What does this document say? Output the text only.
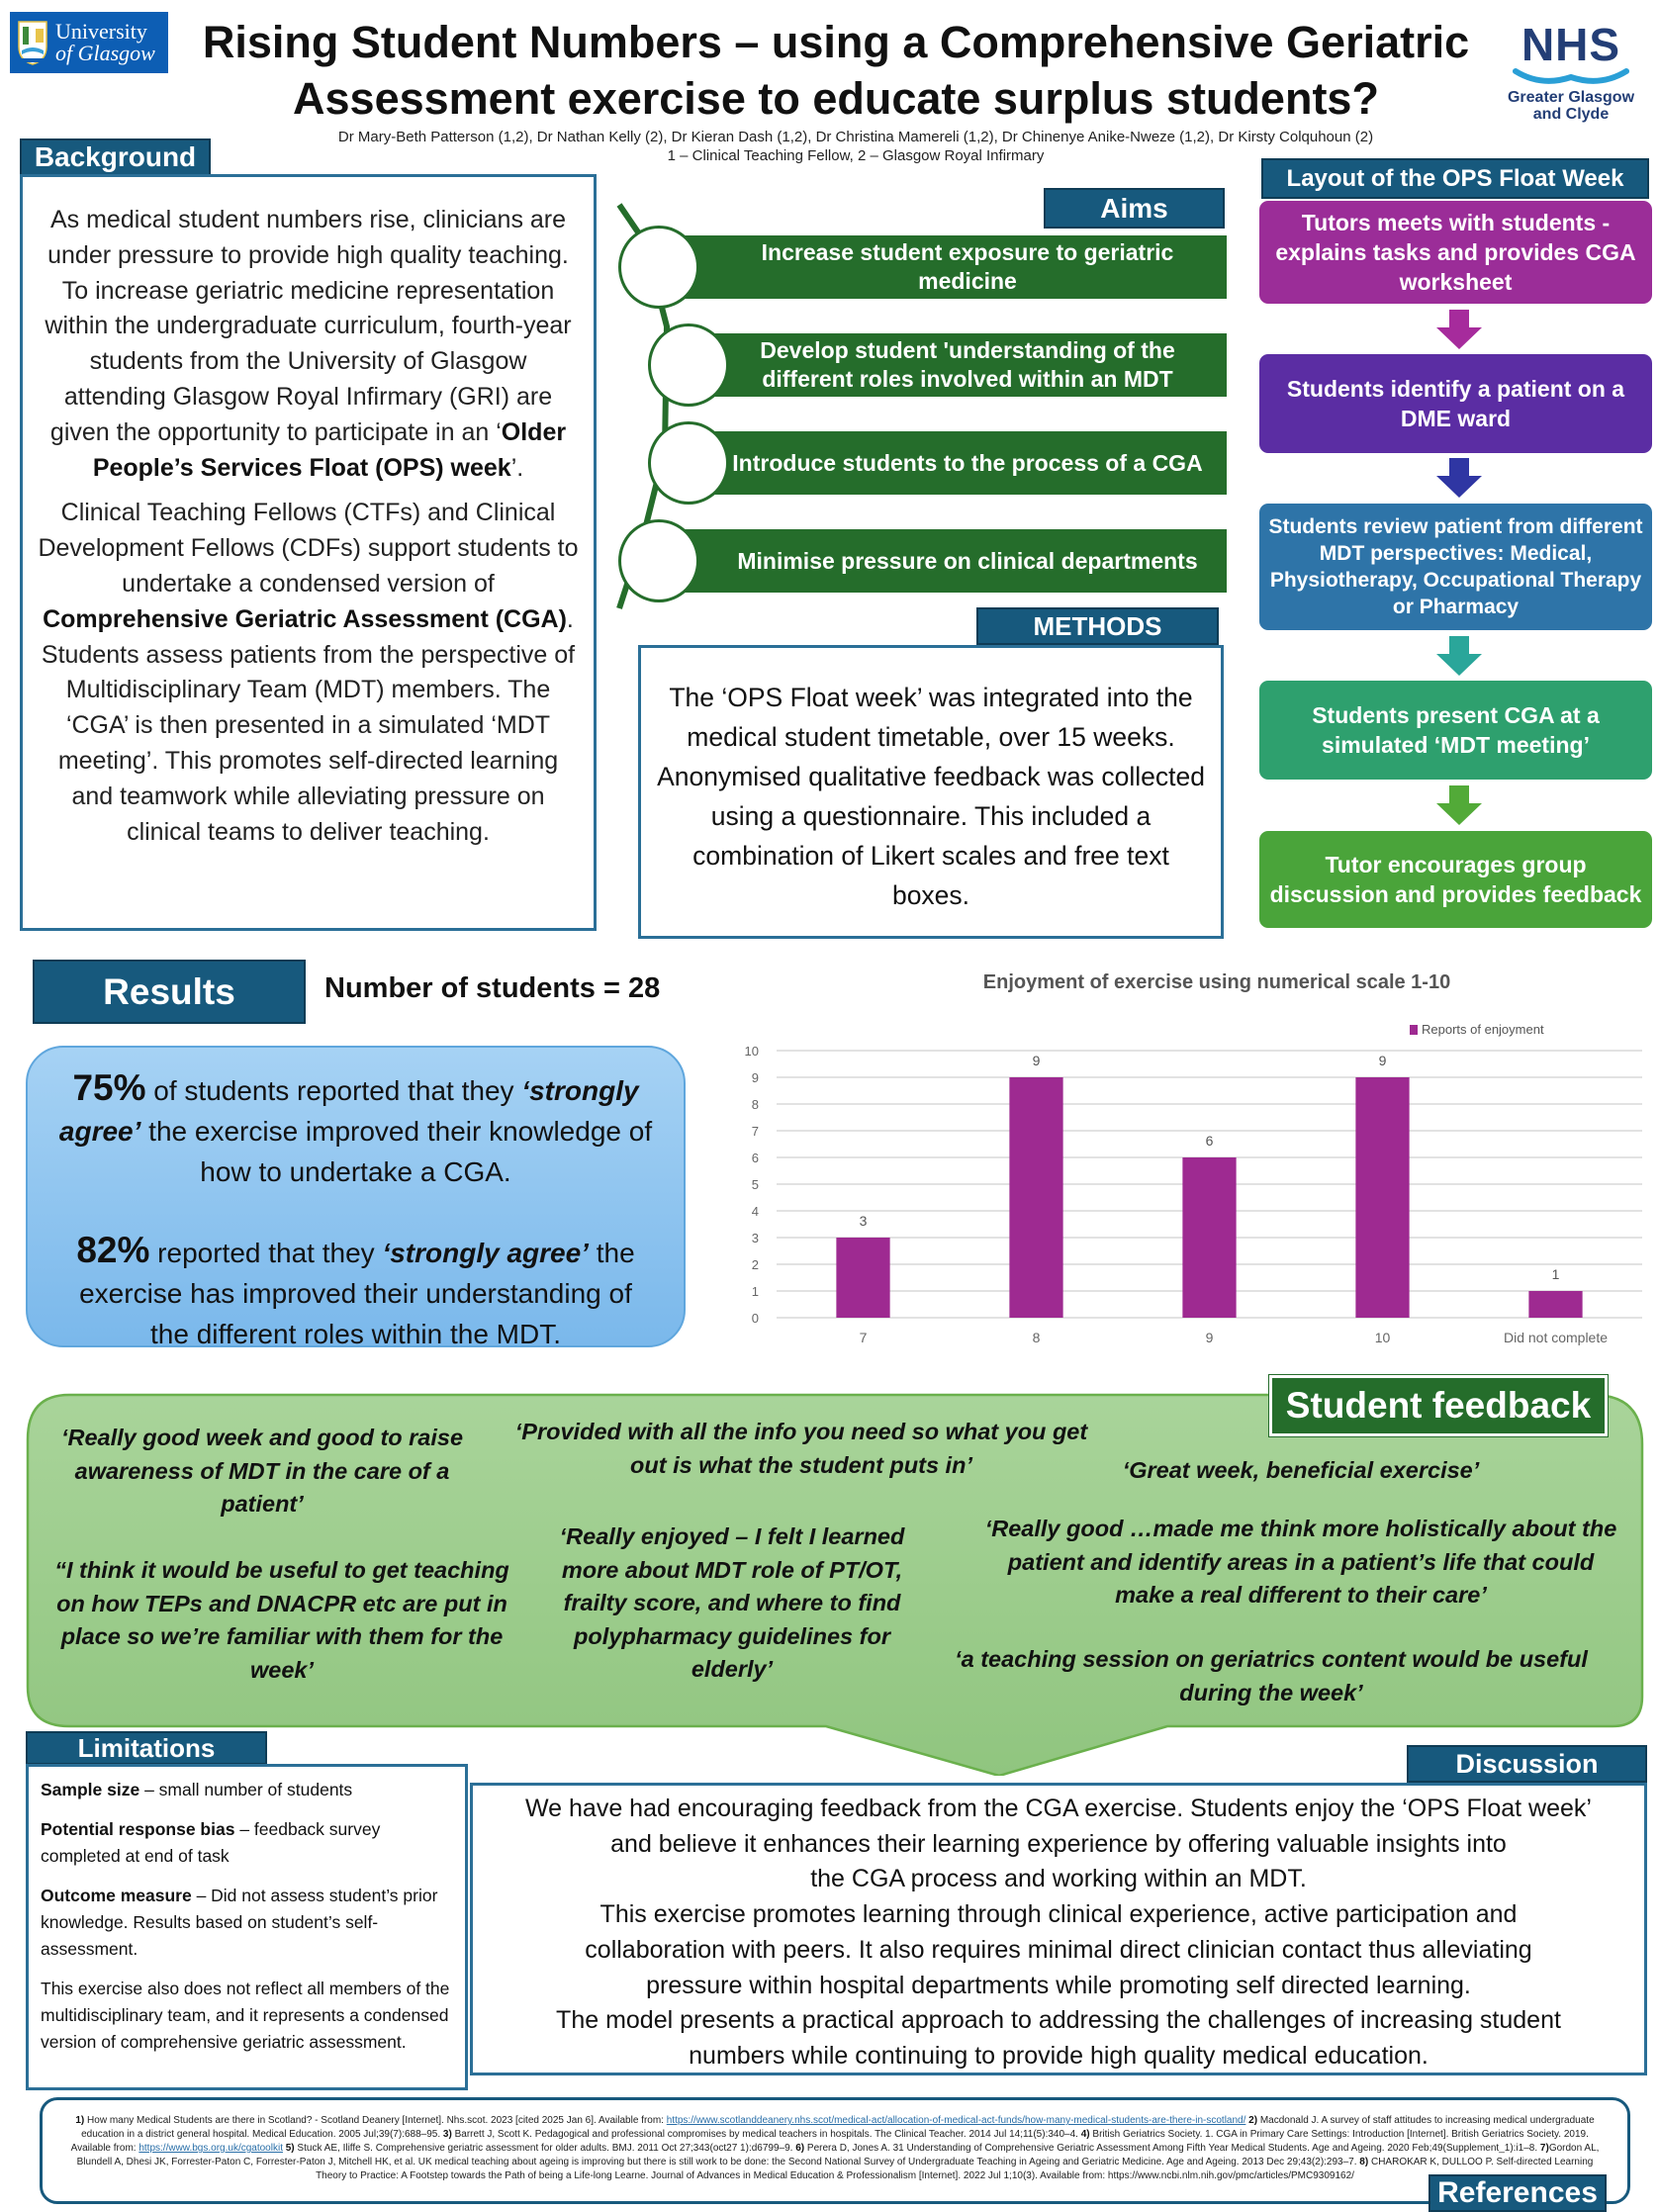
University
of Glasgow	NHS
Greater Glasgow
and Clyde
Rising Student Numbers – using a Comprehensive Geriatric
Assessment exercise to educate surplus students?
Dr Mary-Beth Patterson (1,2), Dr Nathan Kelly (2), Dr Kieran Dash (1,2), Dr Christina Mamereli (1,2), Dr Chinenye Anike-Nweze (1,2), Dr Kirsty Colquhoun (2)
1 – Clinical Teaching Fellow, 2 – Glasgow Royal Infirmary
Background

As medical student numbers rise, clinicians are under pressure to provide high quality teaching. To increase geriatric medicine representation within the undergraduate curriculum, fourth-year students from the University of Glasgow attending Glasgow Royal Infirmary (GRI) are given the opportunity to participate in an ‘Older People’s Services Float (OPS) week’.

Clinical Teaching Fellows (CTFs) and Clinical Development Fellows (CDFs) support students to undertake a condensed version of Comprehensive Geriatric Assessment (CGA). Students assess patients from the perspective of Multidisciplinary Team (MDT) members. The ‘CGA’ is then presented in a simulated ‘MDT meeting’. This promotes self-directed learning and teamwork while alleviating pressure on clinical teams to deliver teaching.

Aims
Increase student exposure to geriatric medicine
Develop student 'understanding of the different roles involved within an MDT
Introduce students to the process of a CGA
Minimise pressure on clinical departments
METHODS

The ‘OPS Float week’ was integrated into the medical student timetable, over 15 weeks. Anonymised qualitative feedback was collected using a questionnaire. This included a combination of Likert scales and free text boxes.

Layout of the OPS Float Week
Tutors meets with students - explains tasks and provides CGA worksheet
Students identify a patient on a DME ward
Students review patient from different MDT perspectives: Medical, Physiotherapy, Occupational Therapy or Pharmacy
Students present CGA at a simulated ‘MDT meeting’
Tutor encourages group discussion and provides feedback
Results	Number of students = 28

75% of students reported that they ‘strongly agree’ the exercise improved their knowledge of how to undertake a CGA.

82% reported that they ‘strongly agree’ the exercise has improved their understanding of the different roles within the MDT.

Enjoyment of exercise using numerical scale 1-10
0
1
2
3
4
5
6
7
8
9
10
3
9
6
9
1
7	8	9	10	Did not complete
Reports of enjoyment
Student feedback
‘Really good week and good to raise awareness of MDT in the care of a patient’
“I think it would be useful to get teaching on how TEPs and DNACPR etc are put in place so we’re familiar with them for the week’
‘Provided with all the info you need so what you get out is what the student puts in’
‘Really enjoyed – I felt I learned more about MDT role of PT/OT, frailty score, and where to find polypharmacy guidelines for elderly’
‘Great week, beneficial exercise’
‘Really good …made me think more holistically about the patient and identify areas in a patient’s life that could make a real different to their care’
‘a teaching session on geriatrics content would be useful during the week’
Limitations

Sample size – small number of students

Potential response bias – feedback survey completed at end of task

Outcome measure – Did not assess student’s prior knowledge. Results based on student’s self-assessment.

This exercise also does not reflect all members of the multidisciplinary team, and it represents a condensed version of comprehensive geriatric assessment.

Discussion
We have had encouraging feedback from the CGA exercise. Students enjoy the ‘OPS Float week’
and believe it enhances their learning experience by offering valuable insights into
the CGA process and working within an MDT.
This exercise promotes learning through clinical experience, active participation and
collaboration with peers. It also requires minimal direct clinician contact thus alleviating
pressure within hospital departments while promoting self directed learning.
The model presents a practical approach to addressing the challenges of increasing student
numbers while continuing to provide high quality medical education.
1) How many Medical Students are there in Scotland? - Scotland Deanery [Internet]. Nhs.scot. 2023 [cited 2025 Jan 6]. Available from: https://www.scotlanddeanery.nhs.scot/medical-act/allocation-of-medical-act-funds/how-many-medical-students-are-there-in-scotland/ 2) Macdonald J. A survey of staff attitudes to increasing medical undergraduate education in a district general hospital. Medical Education. 2005 Jul;39(7):688–95. 3) Barrett J, Scott K. Pedagogical and professional compromises by medical teachers in hospitals. The Clinical Teacher. 2014 Jul 14;11(5):340–4. 4) British Geriatrics Society. 1. CGA in Primary Care Settings: Introduction [Internet]. British Geriatrics Society. 2019. Available from: https://www.bgs.org.uk/cgatoolkit 5) Stuck AE, Iliffe S. Comprehensive geriatric assessment for older adults. BMJ. 2011 Oct 27;343(oct27 1):d6799–9. 6) Perera D, Jones A. 31 Understanding of Comprehensive Geriatric Assessment Among Fifth Year Medical Students. Age and Ageing. 2020 Feb;49(Supplement_1):i1–8. 7)Gordon AL, Blundell A, Dhesi JK, Forrester-Paton C, Forrester-Paton J, Mitchell HK, et al. UK medical teaching about ageing is improving but there is still work to be done: the Second National Survey of Undergraduate Teaching in Ageing and Geriatric Medicine. Age and Ageing. 2013 Dec 29;43(2):293–7. 8) CHAROKAR K, DULLOO P. Self-directed Learning Theory to Practice: A Footstep towards the Path of being a Life-long Learne. Journal of Advances in Medical Education & Professionalism [Internet]. 2022 Jul 1;10(3). Available from: https://www.ncbi.nlm.nih.gov/pmc/articles/PMC9309162/
References
